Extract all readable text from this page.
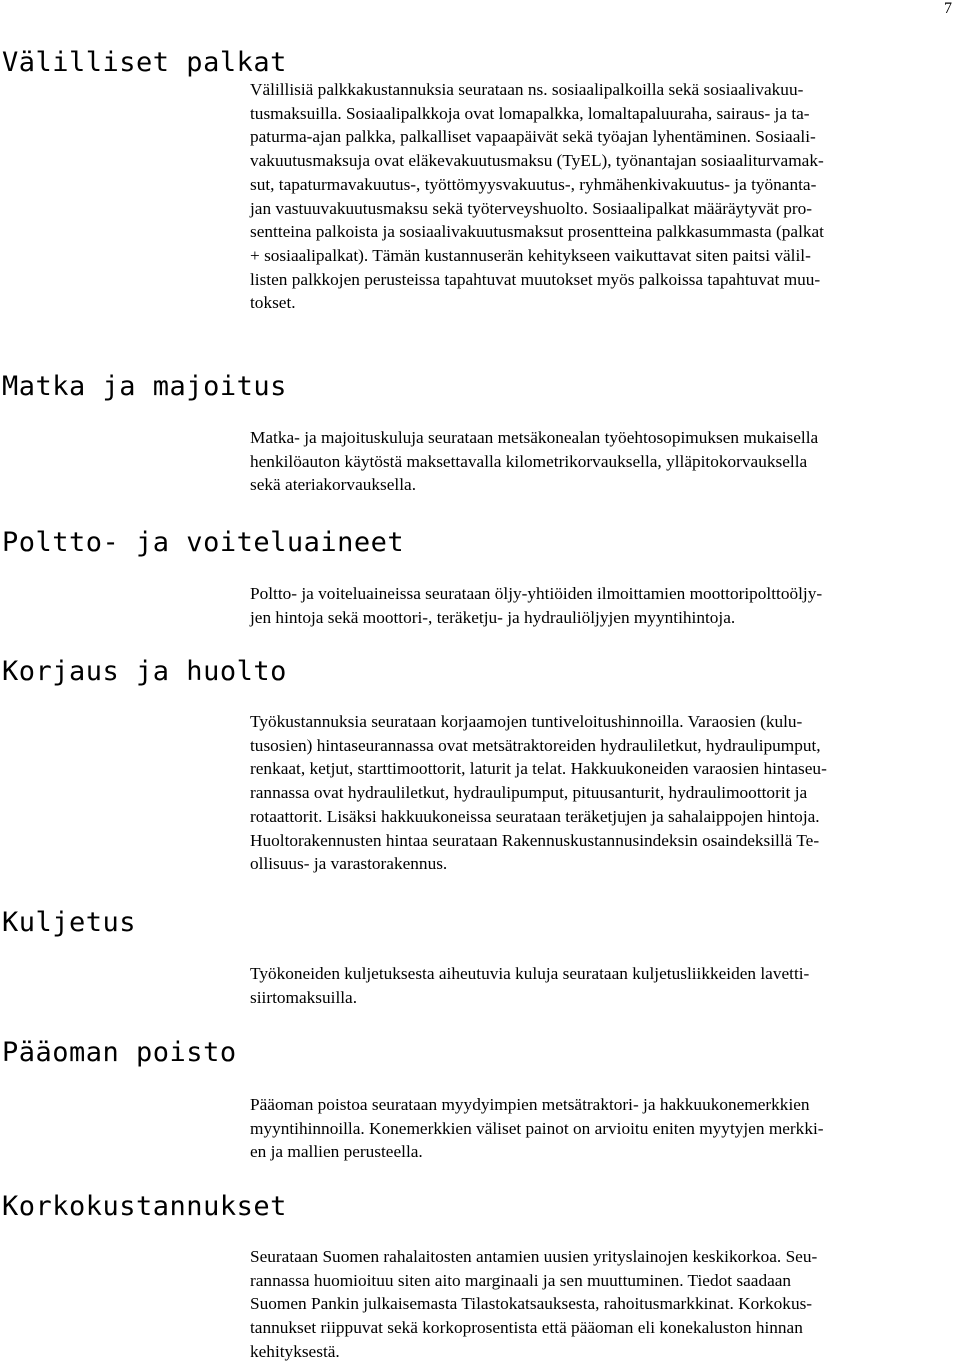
7
Välilliset palkat

Välillisiä palkkakustannuksia seurataan ns. sosiaalipalkoilla sekä sosiaalivakuu-
tusmaksuilla. Sosiaalipalkkoja ovat lomapalkka, lomaltapaluuraha, sairaus- ja ta-
paturma-ajan palkka, palkalliset vapaapäivät sekä työajan lyhentäminen. Sosiaali-
vakuutusmaksuja ovat eläkevakuutusmaksu (TyEL), työnantajan sosiaaliturvamak-
sut, tapaturmavakuutus-, työttömyysvakuutus-, ryhmähenkivakuutus- ja työnanta-
jan vastuuvakuutusmaksu sekä työterveyshuolto. Sosiaalipalkat määräytyvät pro-
sentteina palkoista ja sosiaalivakuutusmaksut prosentteina palkkasummasta (palkat
+ sosiaalipalkat). Tämän kustannuserän kehitykseen vaikuttavat siten paitsi välil-
listen palkkojen perusteissa tapahtuvat muutokset myös palkoissa tapahtuvat muu-
tokset.

Matka ja majoitus

Matka- ja majoituskuluja seurataan metsäkonealan työehtosopimuksen mukaisella
henkilöauton käytöstä maksettavalla kilometrikorvauksella, ylläpitokorvauksella
sekä ateriakorvauksella.

Poltto- ja voiteluaineet

Poltto- ja voiteluaineissa seurataan öljy-yhtiöiden ilmoittamien moottoripolttoöljy-
jen hintoja sekä moottori-, teräketju- ja hydrauliöljyjen myyntihintoja.

Korjaus ja huolto

Työkustannuksia seurataan korjaamojen tuntiveloitushinnoilla. Varaosien (kulu-
tusosien) hintaseurannassa ovat metsätraktoreiden hydrauliletkut, hydraulipumput,
renkaat, ketjut, starttimoottorit, laturit ja telat. Hakkuukoneiden varaosien hintaseu-
rannassa ovat hydrauliletkut, hydraulipumput, pituusanturit, hydraulimoottorit ja
rotaattorit. Lisäksi hakkuukoneissa seurataan teräketjujen ja sahalaippojen hintoja.
Huoltorakennusten hintaa seurataan Rakennuskustannusindeksin osaindeksillä Te-
ollisuus- ja varastorakennus.

Kuljetus

Työkoneiden kuljetuksesta aiheutuvia kuluja seurataan kuljetusliikkeiden lavetti-
siirtomaksuilla.

Pääoman poisto

Pääoman poistoa seurataan myydyimpien metsätraktori- ja hakkuukonemerkkien
myyntihinnoilla. Konemerkkien väliset painot on arvioitu eniten myytyjen merkki-
en ja mallien perusteella.

Korkokustannukset

Seurataan Suomen rahalaitosten antamien uusien yrityslainojen keskikorkoa. Seu-
rannassa huomioituu siten aito marginaali ja sen muuttuminen. Tiedot saadaan
Suomen Pankin julkaisemasta Tilastokatsauksesta, rahoitusmarkkinat. Korkokus-
tannukset riippuvat sekä korkoprosentista että pääoman eli konekaluston hinnan
kehityksestä.
